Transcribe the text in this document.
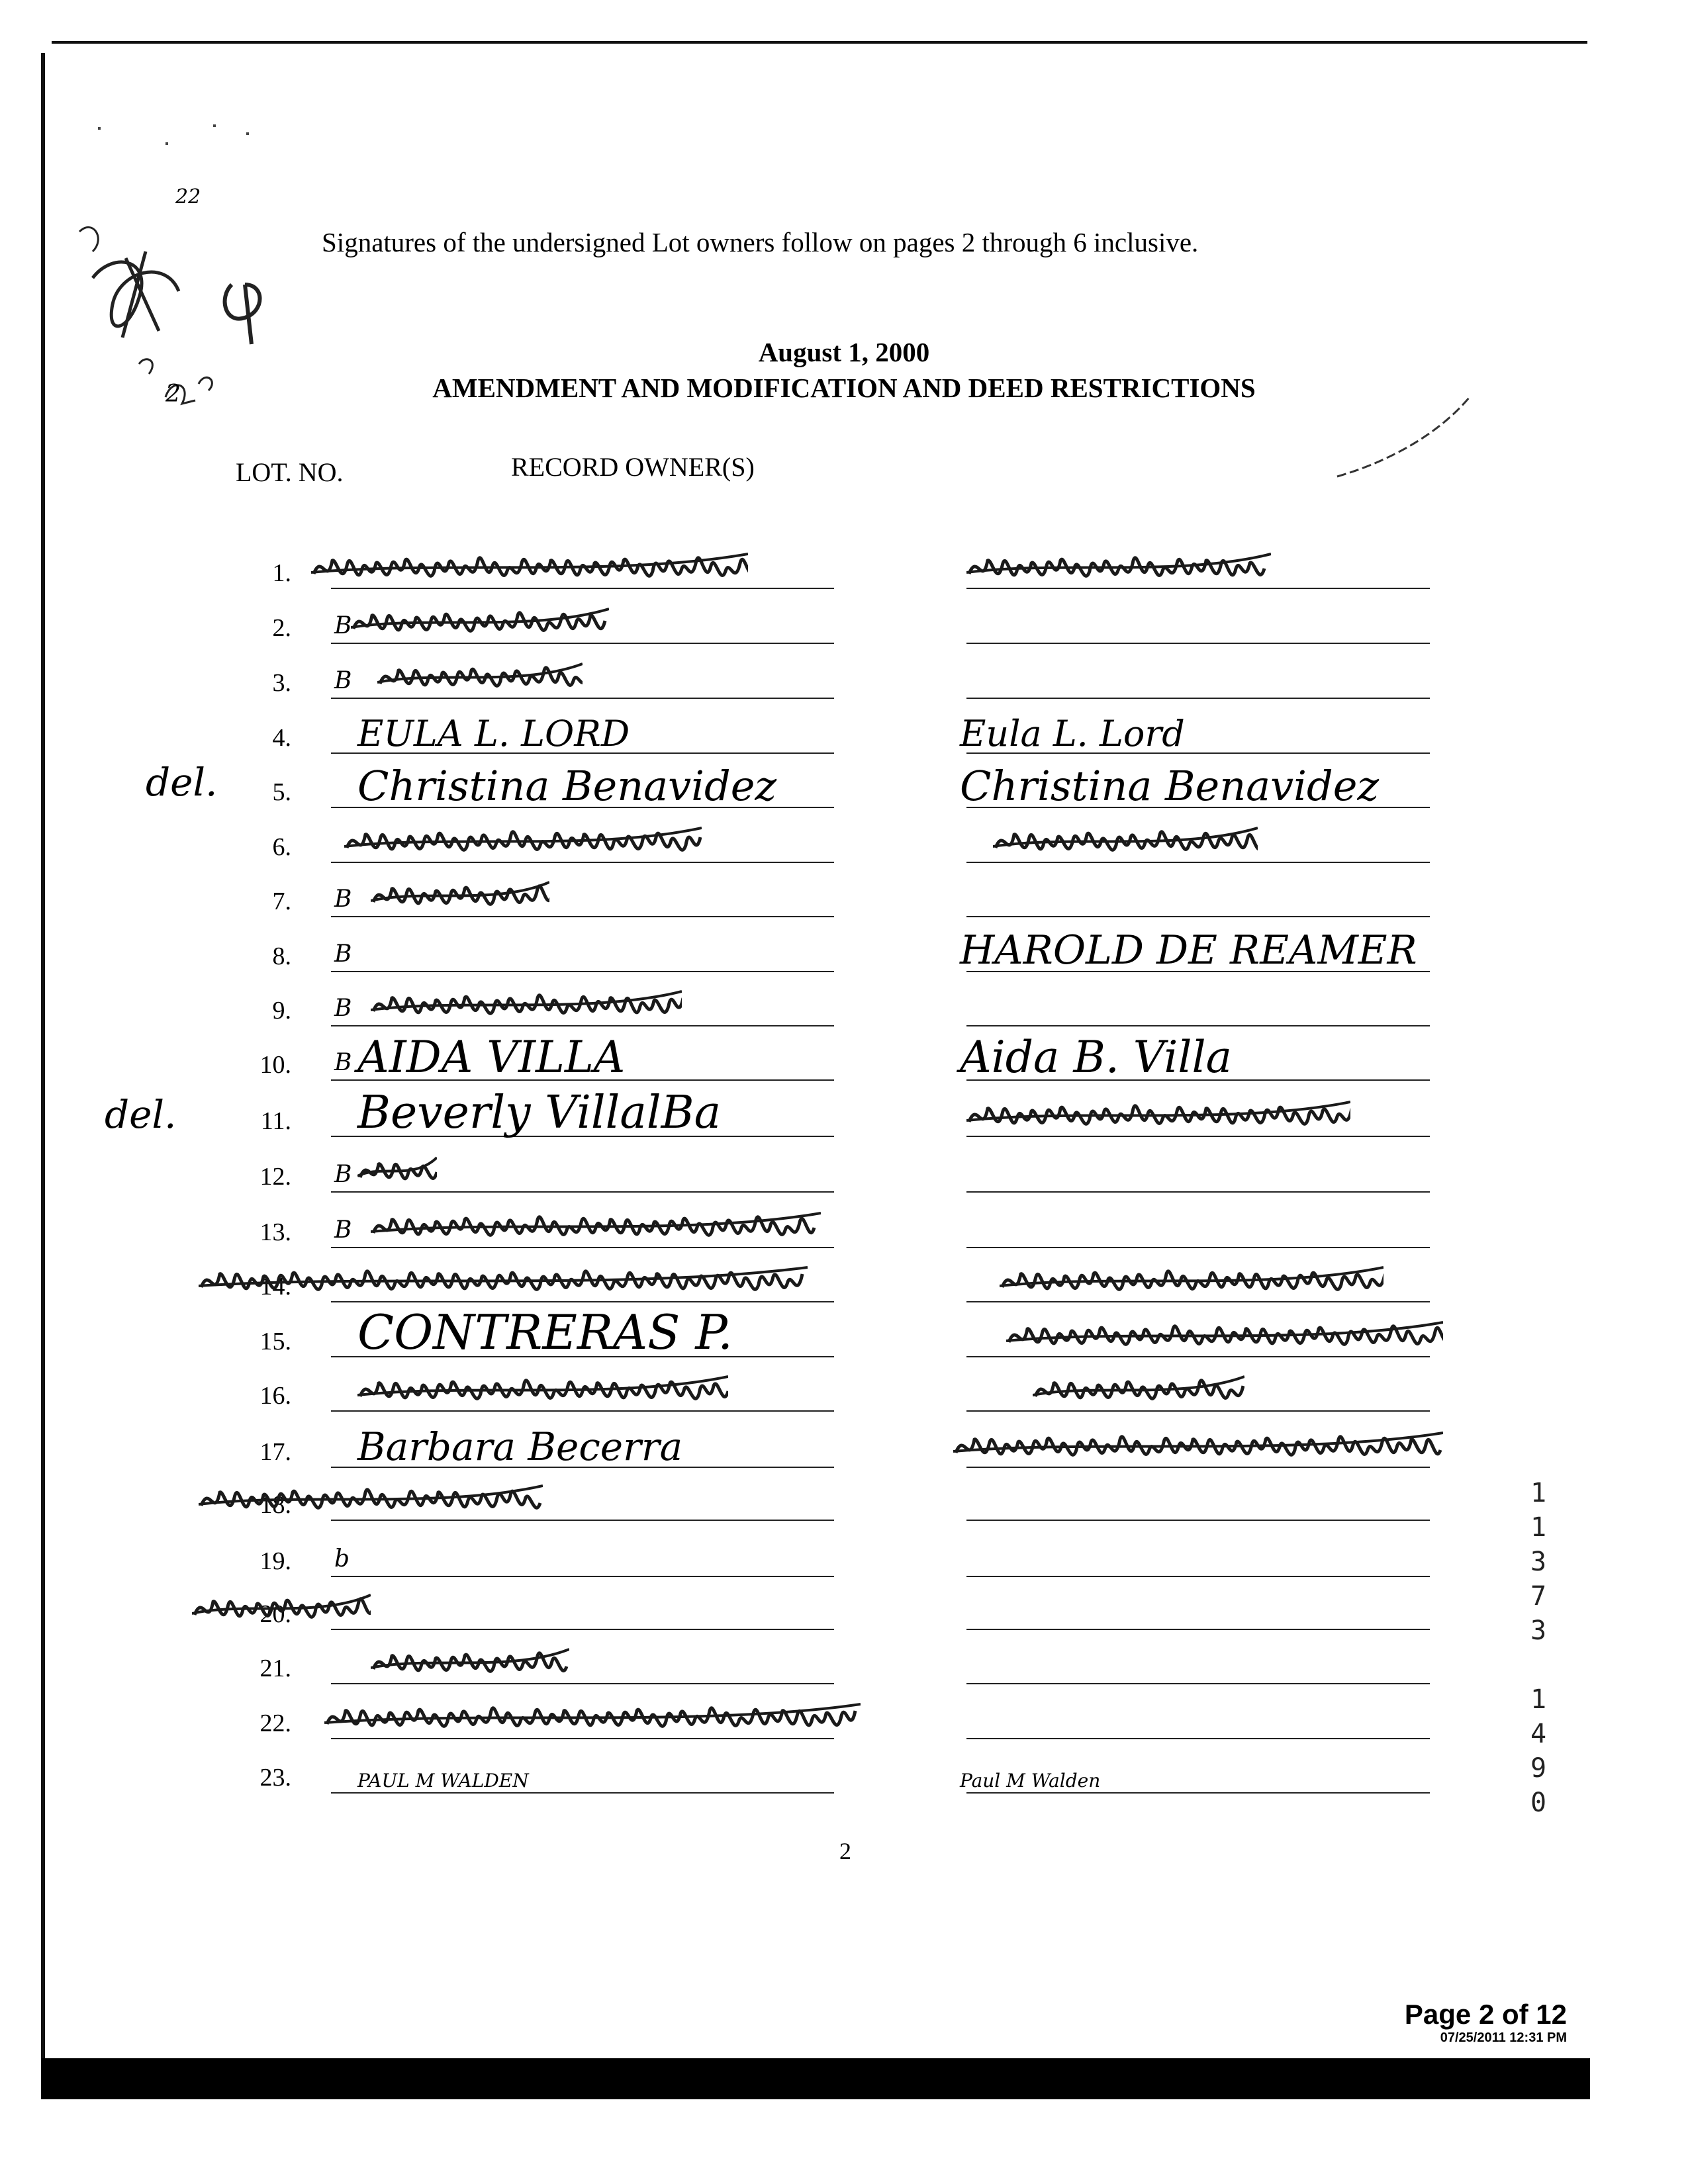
22
2
Signatures of the undersigned Lot owners follow on pages 2 through 6 inclusive.
August 1, 2000
AMENDMENT AND MODIFICATION AND DEED RESTRICTIONS
LOT. NO.	RECORD OWNER(S)
1.
2. B
3. B
4. EULA L. LORD	Eula L. Lord
5. Christina Benavidez	Christina Benavidez
6.
7. B
8. B	HAROLD DE REAMER
9. B
10. B AIDA VILLA	Aida B. Villa
11. Beverly VillalBa
12. B
13. B
14.
15. CONTRERAS P.
16.
17. Barbara Becerra
18.
19. b
20.
21.
22.
23.	PAUL M WALDEN	Paul M Walden
del.
del.
2
1
1
3
7
3
1
4
9
0
Page 2 of 12
07/25/2011 12:31 PM
